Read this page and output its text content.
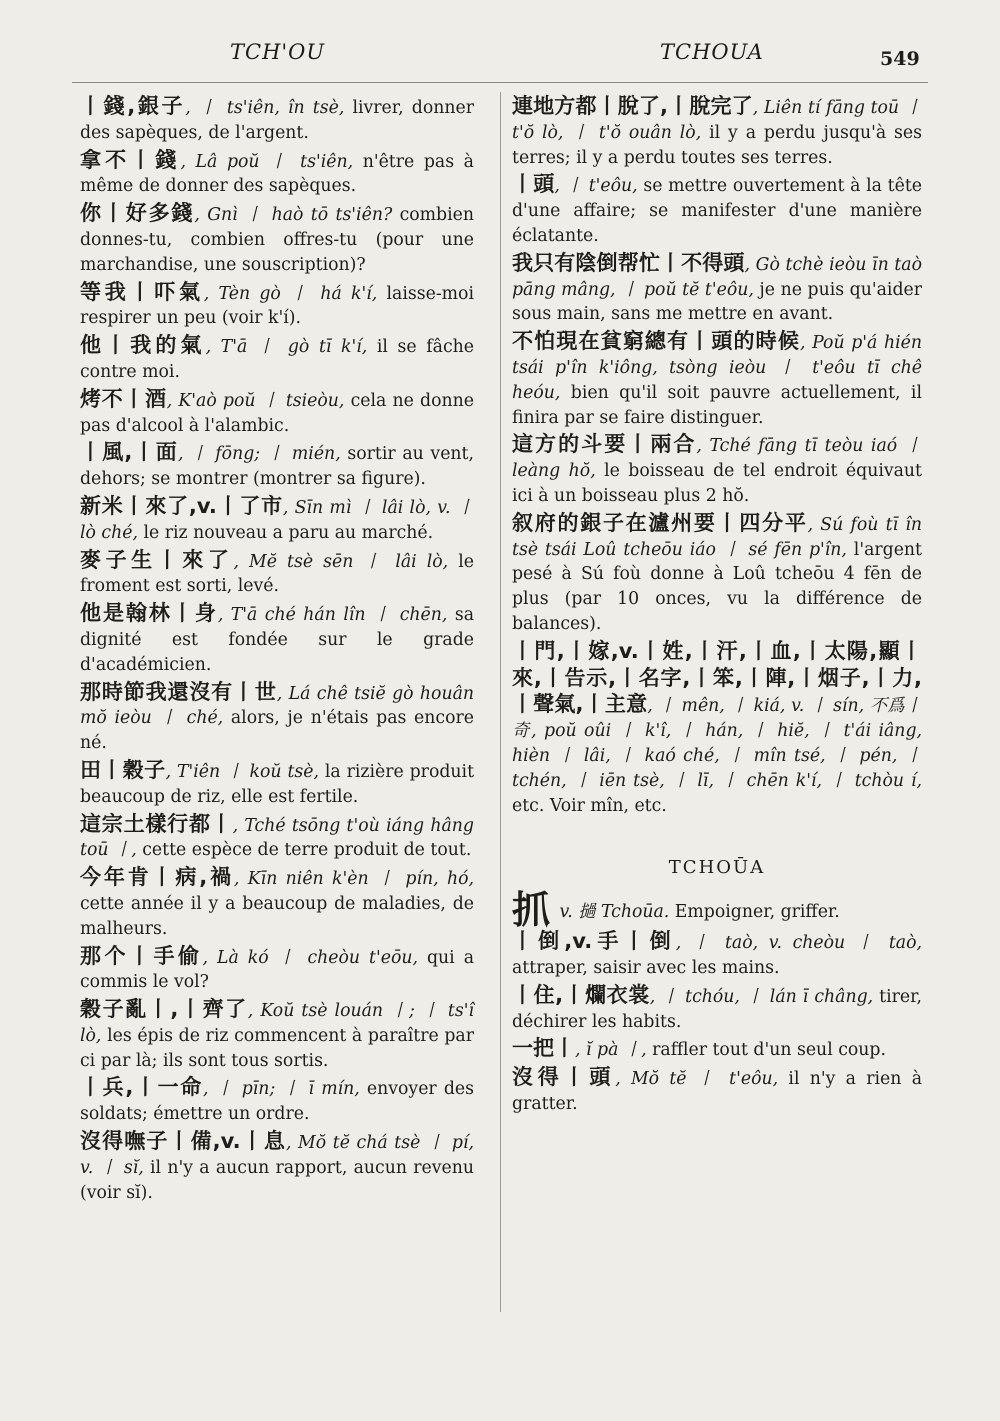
TCH'OU	TCHOUA	549
丨錢,銀子, 丨 ts'iên, în tsè, livrer, donner des sapèques, de l'argent.
拿不丨錢, Lâ poŭ 丨 ts'iên, n'être pas à même de donner des sapèques.
你丨好多錢, Gnì 丨 haò tō ts'iên? combien donnes-tu, combien offres-tu (pour une marchandise, une souscription)?
等我丨吓氣, Tèn gò 丨 há k'í, laisse-moi respirer un peu (voir k'í).
他丨我的氣, T'ā 丨 gò tī k'í, il se fâche contre moi.
烤不丨酒, K'aò poŭ 丨 tsieòu, cela ne donne pas d'alcool à l'alambic.
丨風,丨面, 丨 fōng; 丨 mién, sortir au vent, dehors; se montrer (montrer sa figure).
新米丨來了,v.丨了市, Sīn mì 丨 lâi lò, v. 丨 lò ché, le riz nouveau a paru au marché.
麥子生丨來了, Mĕ tsè sēn 丨 lâi lò, le froment est sorti, levé.
他是翰林丨身, T'ā ché hán lîn 丨 chēn, sa dignité est fondée sur le grade d'académicien.
那時節我還沒有丨世, Lá chê tsiĕ gò houân mŏ ieòu 丨 ché, alors, je n'étais pas encore né.
田丨穀子, T'iên 丨 koŭ tsè, la rizière produit beaucoup de riz, elle est fertile.
這宗土樣行都丨, Tché tsōng t'où iáng hâng toū 丨, cette espèce de terre produit de tout.
今年肯丨病,禍, Kīn niên k'èn 丨 pín, hó, cette année il y a beaucoup de maladies, de malheurs.
那个丨手偷, Là kó 丨 cheòu t'eōu, qui a commis le vol?
穀子亂丨,丨齊了, Koŭ tsè louán 丨; 丨 ts'î lò, les épis de riz commencent à paraître par ci par là; ils sont tous sortis.
丨兵,丨一命, 丨 pīn; 丨 ī mín, envoyer des soldats; émettre un ordre.
沒得嘸子丨備,v.丨息, Mŏ tĕ chá tsè 丨 pí, v. 丨 sĭ, il n'y a aucun rapport, aucun revenu (voir sĭ).
連地方都丨脫了,丨脫完了, Liên tí fāng toū 丨 t'ŏ lò, 丨 t'ŏ ouân lò, il y a perdu jusqu'à ses terres; il y a perdu toutes ses terres.
丨頭, 丨 t'eôu, se mettre ouvertement à la tête d'une affaire; se manifester d'une manière éclatante.
我只有陰倒帮忙丨不得頭, Gò tchè ieòu īn taò pāng mâng, 丨 poŭ tĕ t'eôu, je ne puis qu'aider sous main, sans me mettre en avant.
不怕現在貧窮總有丨頭的時候, Poŭ p'á hién tsái p'în k'iông, tsòng ieòu 丨 t'eôu tī chê heóu, bien qu'il soit pauvre actuellement, il finira par se faire distinguer.
這方的斗要丨兩合, Tché fāng tī teòu iaó 丨 leàng hŏ, le boisseau de tel endroit équivaut ici à un boisseau plus 2 hŏ.
叙府的銀子在瀘州要丨四分平, Sú foù tī în tsè tsái Loû tcheōu iáo 丨 sé fēn p'în, l'argent pesé à Sú foù donne à Loû tcheōu 4 fēn de plus (par 10 onces, vu la différence de balances).
丨門,丨嫁,v.丨姓,丨汗,丨血,丨太陽,顯丨來,丨告示,丨名字,丨笨,丨陣,丨烟子,丨力,丨聲氣,丨主意, 丨 mên, 丨 kiá, v. 丨 sín, 不爲丨奇, poŭ oûi 丨 k'î, 丨 hán, 丨 hiĕ, 丨 t'ái iâng, hièn 丨 lâi, 丨 kaó ché, 丨 mîn tsé, 丨 pén, 丨 tchén, 丨 iēn tsè, 丨 lī, 丨 chēn k'í, 丨 tchòu í, etc. Voir mîn, etc.
TCHOŪA
抓 v. 撾 Tchoūa. Empoigner, griffer.
丨倒,v.手丨倒, 丨 taò, v. cheòu 丨 taò, attraper, saisir avec les mains.
丨住,丨爛衣裳, 丨 tchóu, 丨 lán ī châng, tirer, déchirer les habits.
一把丨, ĭ pà 丨, raffler tout d'un seul coup.
沒得丨頭, Mŏ tĕ 丨 t'eôu, il n'y a rien à gratter.
